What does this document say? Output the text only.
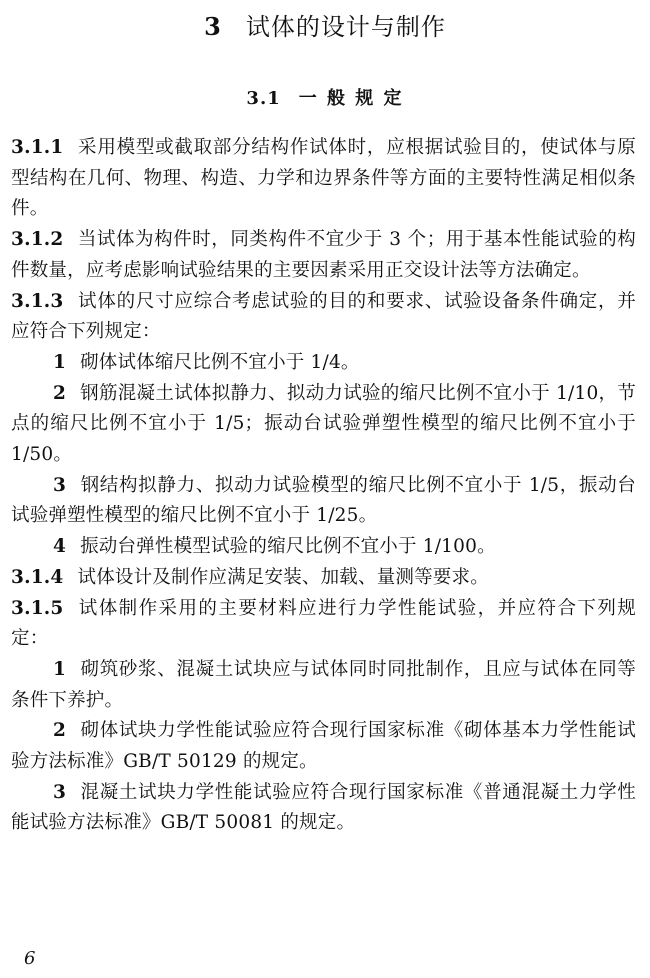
3 试体的设计与制作
3.1 一 般 规 定

3.1.1 采用模型或截取部分结构作试体时，应根据试验目的，使试体与原型结构在几何、物理、构造、力学和边界条件等方面的主要特性满足相似条件。

3.1.2 当试体为构件时，同类构件不宜少于 3 个；用于基本性能试验的构件数量，应考虑影响试验结果的主要因素采用正交设计法等方法确定。

3.1.3 试体的尺寸应综合考虑试验的目的和要求、试验设备条件确定，并应符合下列规定：

1 砌体试体缩尺比例不宜小于 1/4。

2 钢筋混凝土试体拟静力、拟动力试验的缩尺比例不宜小于 1/10，节点的缩尺比例不宜小于 1/5；振动台试验弹塑性模型的缩尺比例不宜小于 1/50。

3 钢结构拟静力、拟动力试验模型的缩尺比例不宜小于 1/5，振动台试验弹塑性模型的缩尺比例不宜小于 1/25。

4 振动台弹性模型试验的缩尺比例不宜小于 1/100。

3.1.4 试体设计及制作应满足安装、加载、量测等要求。

3.1.5 试体制作采用的主要材料应进行力学性能试验，并应符合下列规定：

1 砌筑砂浆、混凝土试块应与试体同时同批制作，且应与试体在同等条件下养护。

2 砌体试块力学性能试验应符合现行国家标准《砌体基本力学性能试验方法标准》GB/T 50129 的规定。

3 混凝土试块力学性能试验应符合现行国家标准《普通混凝土力学性能试验方法标准》GB/T 50081 的规定。

6
